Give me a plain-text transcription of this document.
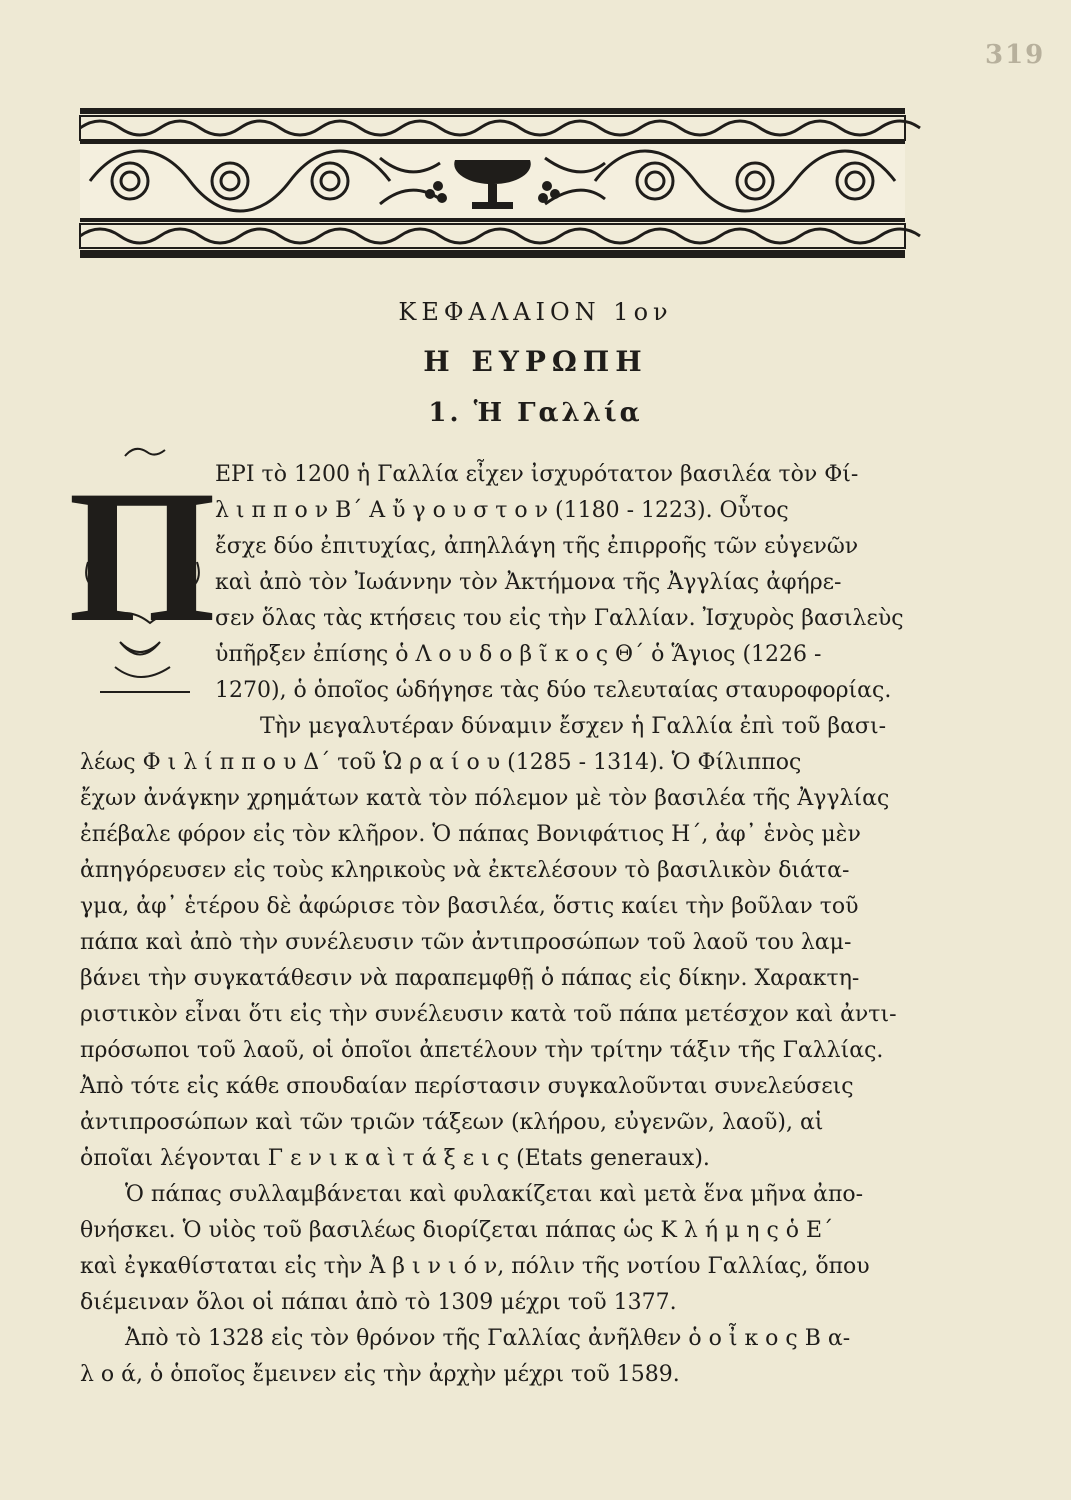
319
ΚΕΦΑΛΑΙΟΝ 1ον
Η ΕΥΡΩΠΗ
1. Ἡ Γαλλία
Π ΕΡΙ τὸ 1200 ἡ Γαλλία εἶχεν ἰσχυρότατον βασιλέα τὸν Φί-

λ ι π π ο ν Β΄ Α ὔ γ ο υ σ τ ο ν (1180 - 1223). Οὗτος

ἔσχε δύο ἐπιτυχίας, ἀπηλλάγη τῆς ἐπιρροῆς τῶν εὐγενῶν

καὶ ἀπὸ τὸν Ἰωάννην τὸν Ἀκτήμονα τῆς Ἀγγλίας ἀφήρε-

σεν ὅλας τὰς κτήσεις του εἰς τὴν Γαλλίαν. Ἰσχυρὸς βασιλεὺς

ὑπῆρξεν ἐπίσης ὁ Λ ο υ δ ο β ῖ κ ο ς Θ΄ ὁ Ἅγιος (1226 -

1270), ὁ ὁποῖος ὡδήγησε τὰς δύο τελευταίας σταυροφορίας.

Τὴν μεγαλυτέραν δύναμιν ἔσχεν ἡ Γαλλία ἐπὶ τοῦ βασι-

λέως Φ ι λ ί π π ο υ Δ΄ τοῦ Ὡ ρ α ί ο υ (1285 - 1314). Ὁ Φίλιππος

ἔχων ἀνάγκην χρημάτων κατὰ τὸν πόλεμον μὲ τὸν βασιλέα τῆς Ἀγγλίας

ἐπέβαλε φόρον εἰς τὸν κλῆρον. Ὁ πάπας Βονιφάτιος Η΄, ἀφ᾽ ἑνὸς μὲν

ἀπηγόρευσεν εἰς τοὺς κληρικοὺς νὰ ἐκτελέσουν τὸ βασιλικὸν διάτα-

γμα, ἀφ᾽ ἑτέρου δὲ ἀφώρισε τὸν βασιλέα, ὅστις καίει τὴν βοῦλαν τοῦ

πάπα καὶ ἀπὸ τὴν συνέλευσιν τῶν ἀντιπροσώπων τοῦ λαοῦ του λαμ-

βάνει τὴν συγκατάθεσιν νὰ παραπεμφθῇ ὁ πάπας εἰς δίκην. Χαρακτη-

ριστικὸν εἶναι ὅτι εἰς τὴν συνέλευσιν κατὰ τοῦ πάπα μετέσχον καὶ ἀντι-

πρόσωποι τοῦ λαοῦ, οἱ ὁποῖοι ἀπετέλουν τὴν τρίτην τάξιν τῆς Γαλλίας.

Ἀπὸ τότε εἰς κάθε σπουδαίαν περίστασιν συγκαλοῦνται συνελεύσεις

ἀντιπροσώπων καὶ τῶν τριῶν τάξεων (κλήρου, εὐγενῶν, λαοῦ), αἱ

ὁποῖαι λέγονται Γ ε ν ι κ α ὶ τ ά ξ ε ι ς (Etats generaux).

Ὁ πάπας συλλαμβάνεται καὶ φυλακίζεται καὶ μετὰ ἕνα μῆνα ἀπο-

θνήσκει. Ὁ υἱὸς τοῦ βασιλέως διορίζεται πάπας ὡς Κ λ ή μ η ς ὁ Ε΄

καὶ ἐγκαθίσταται εἰς τὴν Ἀ β ι ν ι ό ν, πόλιν τῆς νοτίου Γαλλίας, ὅπου

διέμειναν ὅλοι οἱ πάπαι ἀπὸ τὸ 1309 μέχρι τοῦ 1377.

Ἀπὸ τὸ 1328 εἰς τὸν θρόνον τῆς Γαλλίας ἀνῆλθεν ὁ ο ἶ κ ο ς Β α-

λ ο ά, ὁ ὁποῖος ἔμεινεν εἰς τὴν ἀρχὴν μέχρι τοῦ 1589.
